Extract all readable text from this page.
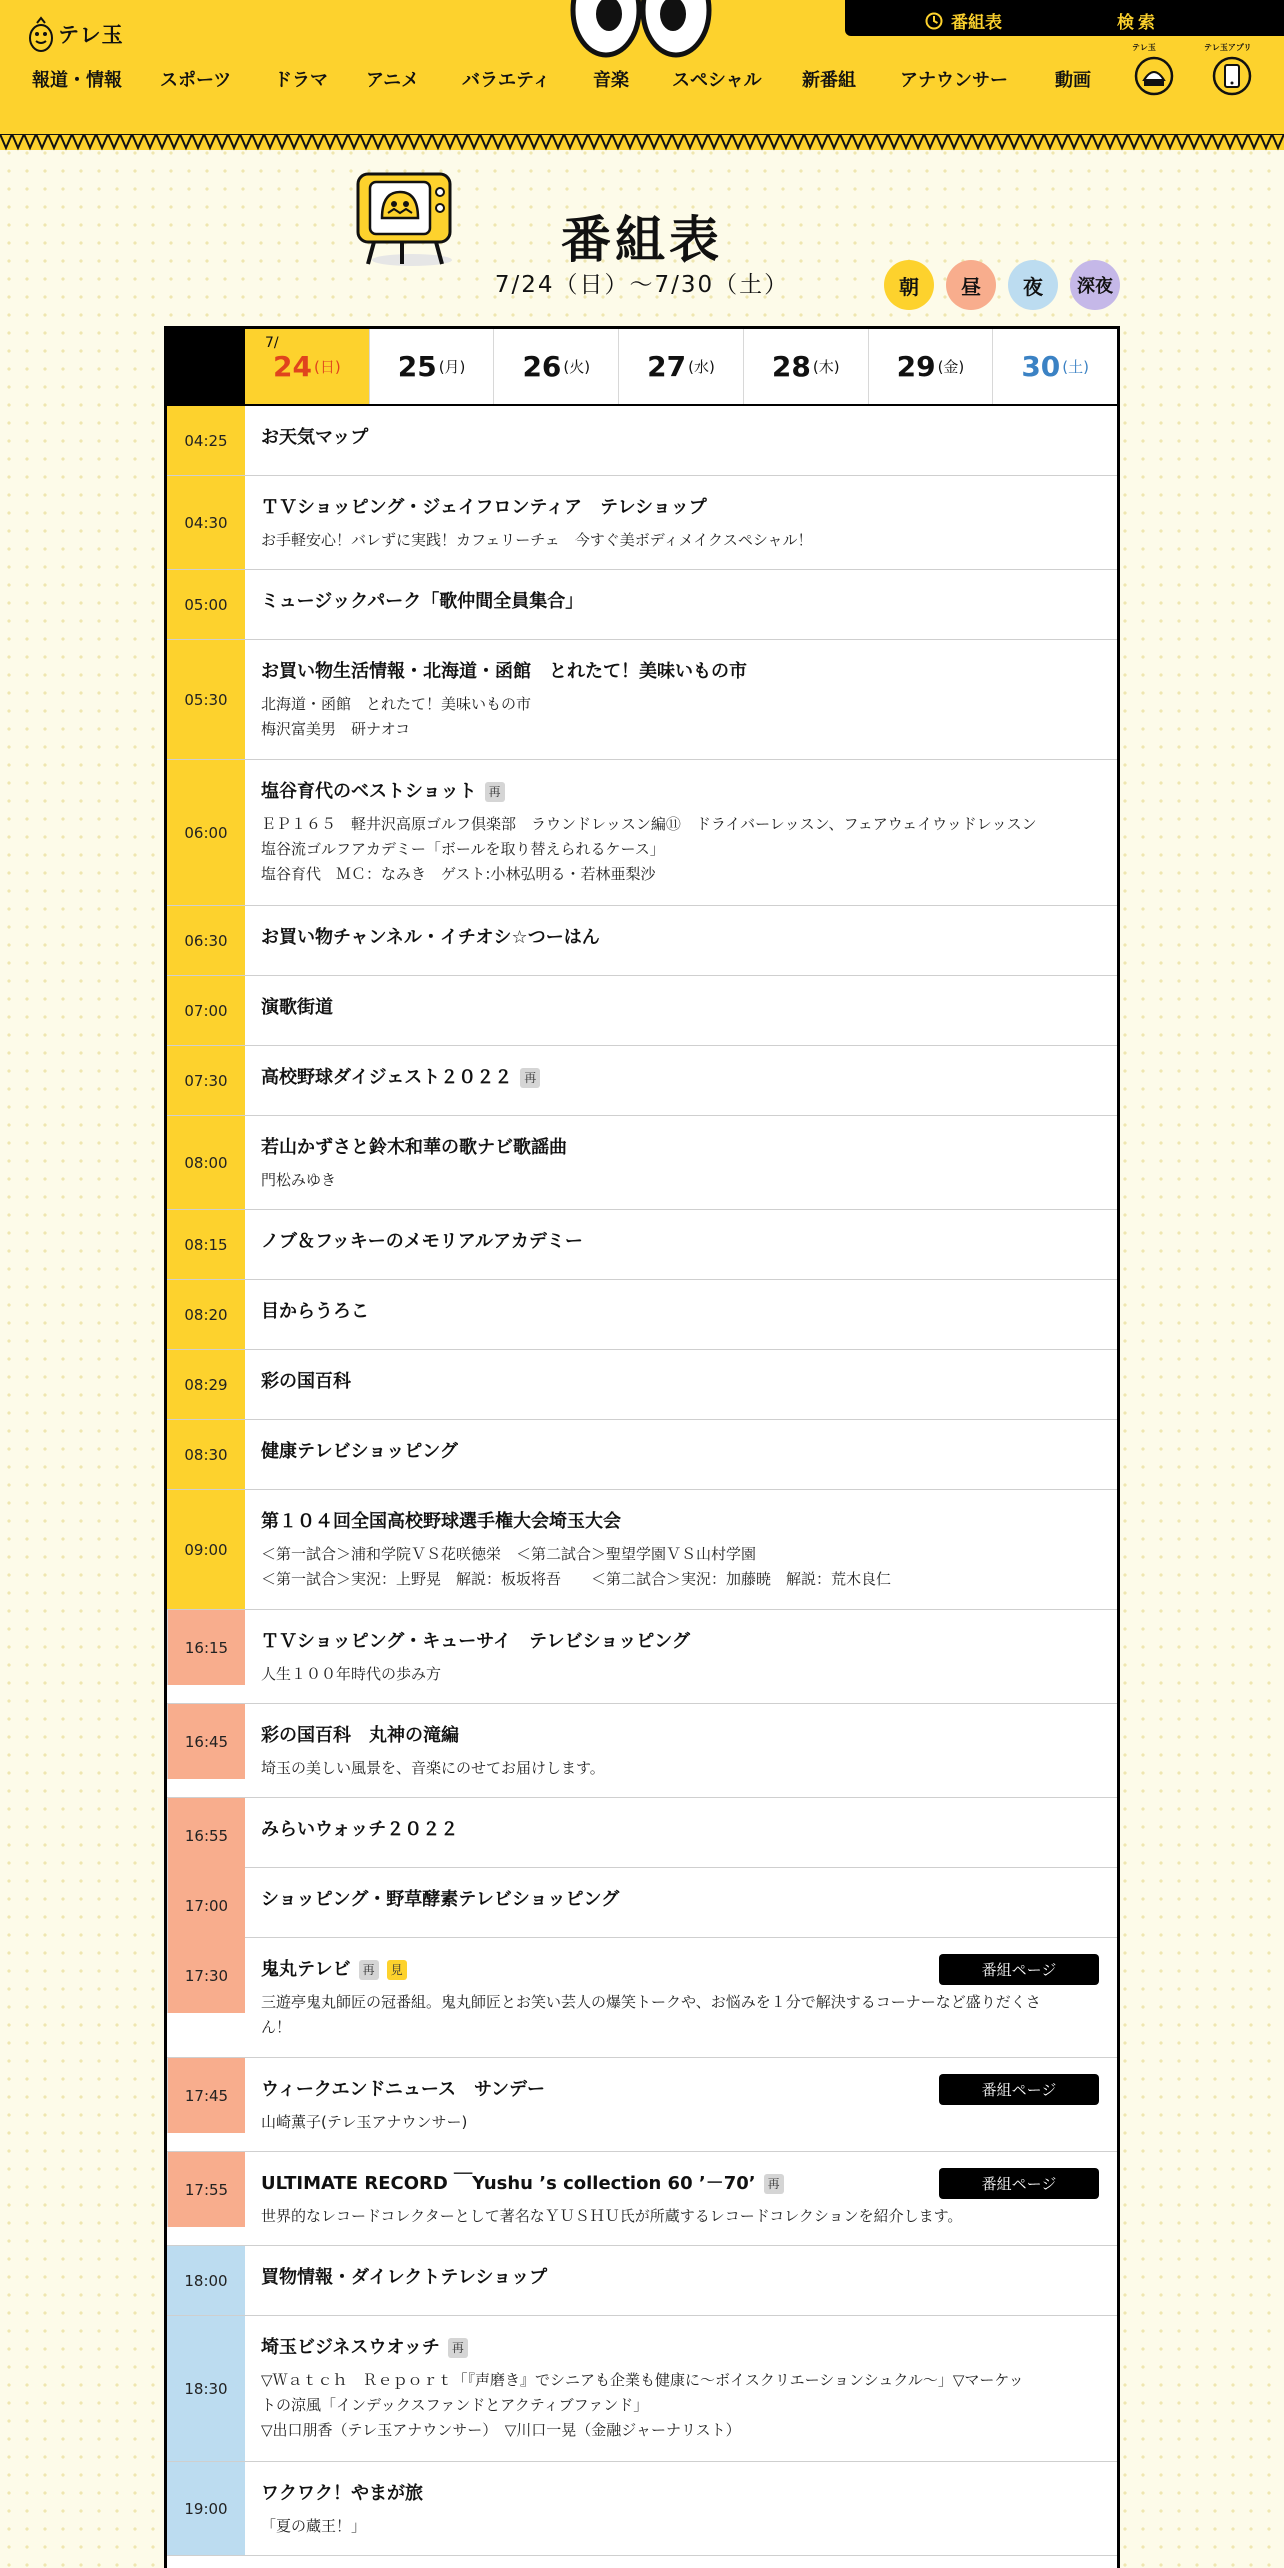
テレ玉	番組表	検索
報道・情報 スポーツ ドラマ アニメ バラエティ 音楽 スペシャル 新番組 アナウンサー	動画
テレ玉	テレ玉アプリ
番組表
7/24（日）〜7/30（土）	朝	昼	夜	深夜
7/
24 (日) 25 (月) 26 (火) 27 (水) 28 (木) 29 (金) 30 (土)
04:25	お天気マップ
04:30
ＴＶショッピング・ジェイフロンティア　テレショップ
お手軽安心！バレずに実践！カフェリーチェ　今すぐ美ボディメイクスペシャル！
05:00	ミュージックパーク「歌仲間全員集合」
05:30
お買い物生活情報・北海道・函館　とれたて！美味いもの市
北海道・函館　とれたて！美味いもの市
梅沢富美男　研ナオコ
06:00
塩谷育代のベストショット 再
ＥＰ１６５　軽井沢高原ゴルフ倶楽部　ラウンドレッスン編⑪　ドライバーレッスン、フェアウェイウッドレッスン
塩谷流ゴルフアカデミー「ボールを取り替えられるケース」
塩谷育代　ＭＣ：なみき　ゲスト:小林弘明る・若林亜梨沙
06:30	お買い物チャンネル・イチオシ☆つーはん
07:00	演歌街道
07:30	高校野球ダイジェスト２０２２ 再
08:00
若山かずさと鈴木和華の歌ナビ歌謡曲
門松みゆき
08:15	ノブ＆フッキーのメモリアルアカデミー
08:20	目からうろこ
08:29	彩の国百科
08:30	健康テレビショッピング
09:00
第１０４回全国高校野球選手権大会埼玉大会
＜第一試合＞浦和学院ＶＳ花咲徳栄　＜第二試合＞聖望学園ＶＳ山村学園
＜第一試合＞実況：上野晃　解説：板坂将吾　　＜第二試合＞実況：加藤暁　解説：荒木良仁
16:15	ＴＶショッピング・キューサイ　テレビショッピング
人生１００年時代の歩み方
16:45	彩の国百科　丸神の滝編
埼玉の美しい風景を、音楽にのせてお届けします。
16:55	みらいウォッチ２０２２
17:00	ショッピング・野草酵素テレビショッピング
17:30	鬼丸テレビ 再	見
三遊亭鬼丸師匠の冠番組。鬼丸師匠とお笑い芸人の爆笑トークや、お悩みを１分で解決するコーナーなど盛りだくさ
ん！
番組ページ
17:45	ウィークエンドニュース　サンデー
山崎薫子(テレ玉アナウンサー)
番組ページ
17:55	ULTIMATE RECORD ￣Yushu ’s collection 60 ’－70’ 再
世界的なレコードコレクターとして著名なＹＵＳＨＵ氏が所蔵するレコードコレクションを紹介します。
番組ページ
18:00	買物情報・ダイレクトテレショップ
18:30
埼玉ビジネスウオッチ 再
▽Ｗａｔｃｈ　Ｒｅｐｏｒｔ「『声磨き』でシニアも企業も健康に～ボイスクリエーションシュクル～」▽マーケッ
トの涼風「インデックスファンドとアクティブファンド」
▽出口朋香（テレ玉アナウンサー）　▽川口一晃（金融ジャーナリスト）
19:00
ワクワク！やまが旅
「夏の蔵王！」
